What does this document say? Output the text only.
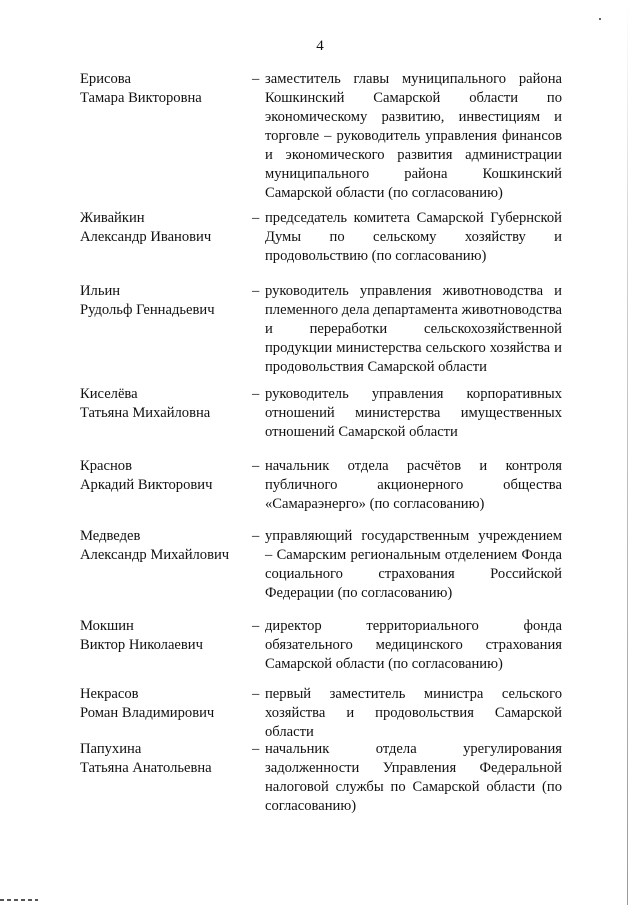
4
Ерисова
Тамара Викторовна
– заместитель главы муниципального района Кошкинский Самарской области по экономическому развитию, инвестициям и торговле – руководитель управления финансов и экономического развития администрации муниципального района Кошкинский Самарской области (по согласованию)
Живайкин
Александр Иванович
– председатель комитета Самарской Губернской Думы по сельскому хозяйству и продовольствию (по согласованию)
Ильин
Рудольф Геннадьевич
– руководитель управления животноводства и племенного дела департамента животноводства и переработки сельскохозяйственной продукции министерства сельского хозяйства и продовольствия Самарской области
Киселёва
Татьяна Михайловна
– руководитель управления корпоративных отношений министерства имущественных отношений Самарской области
Краснов
Аркадий Викторович
– начальник отдела расчётов и контроля публичного акционерного общества «Самараэнерго» (по согласованию)
Медведев
Александр Михайлович
– управляющий государственным учреждением – Самарским региональным отделением Фонда социального страхования Российской Федерации (по согласованию)
Мокшин
Виктор Николаевич
– директор территориального фонда обязательного медицинского страхования Самарской области (по согласованию)
Некрасов
Роман Владимирович
– первый заместитель министра сельского хозяйства и продовольствия Самарской области
Папухина
Татьяна Анатольевна
– начальник отдела урегулирования задолженности Управления Федеральной налоговой службы по Самарской области (по согласованию)
